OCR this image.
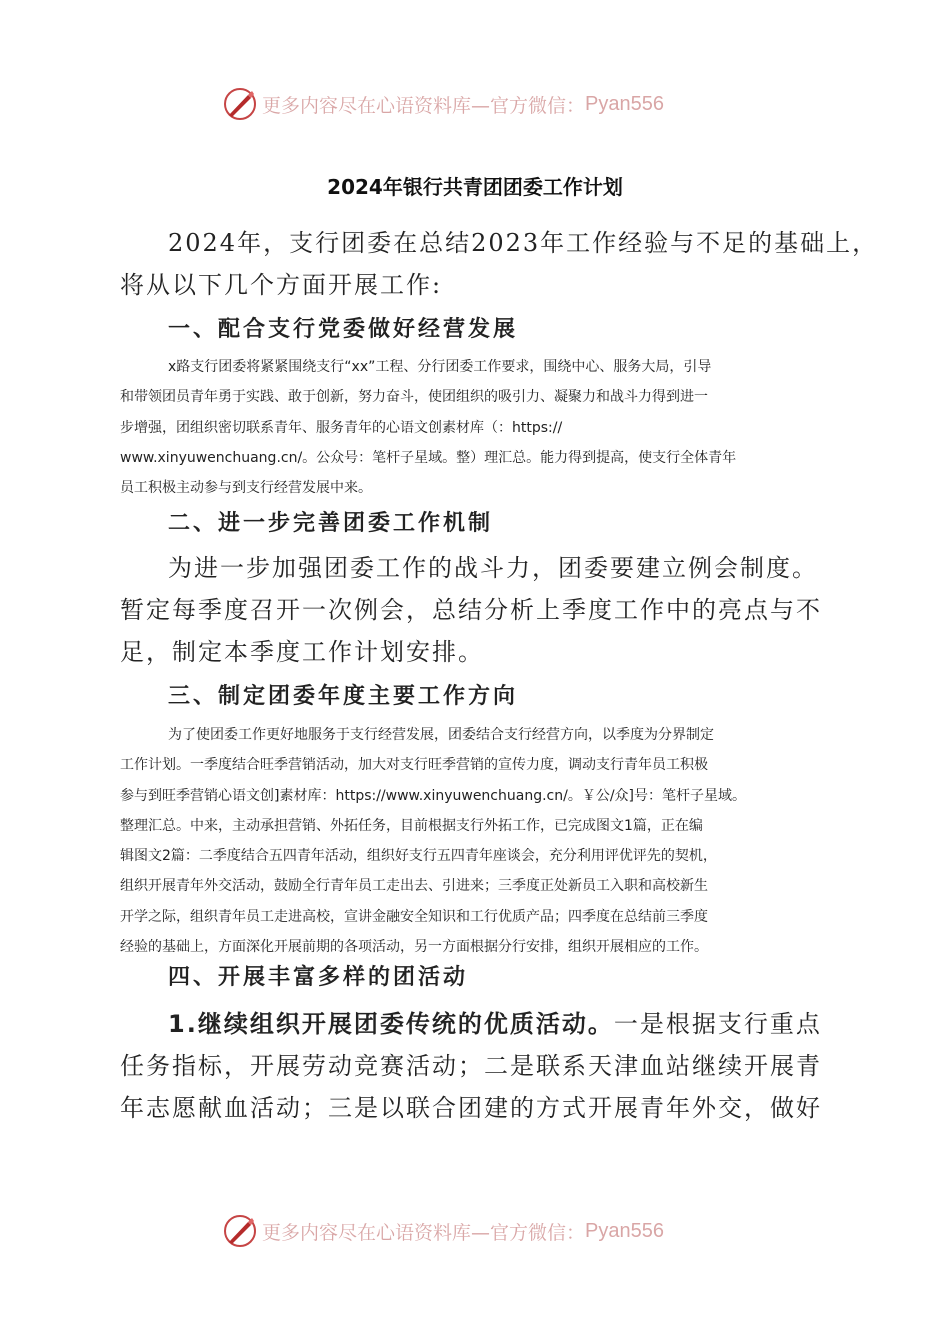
更多内容尽在心语资料库—官方微信： Pyan556
2024年银行共青团团委工作计划

2024年，支行团委在总结2023年工作经验与不足的基础上，
将从以下几个方面开展工作:

一、配合支行党委做好经营发展

x路支行团委将紧紧围绕支行“xx”工程、分行团委工作要求，围绕中心、服务大局，引导
和带领团员青年勇于实践、敢于创新，努力奋斗，使团组织的吸引力、凝聚力和战斗力得到进一
步增强，团组织密切联系青年、服务青年的心语文创素材库（：https://
www.xinyuwenchuang.cn/。公众号：笔杆子星域。整）理汇总。能力得到提高，使支行全体青年
员工积极主动参与到支行经营发展中来。

二、进一步完善团委工作机制

为进一步加强团委工作的战斗力，团委要建立例会制度。
暂定每季度召开一次例会，总结分析上季度工作中的亮点与不
足，制定本季度工作计划安排。

三、制定团委年度主要工作方向

为了使团委工作更好地服务于支行经营发展，团委结合支行经营方向，以季度为分界制定
工作计划。一季度结合旺季营销活动，加大对支行旺季营销的宣传力度，调动支行青年员工积极
参与到旺季营销心语文创]素材库：https://www.xinyuwenchuang.cn/。￥公/众]号：笔杆子星域。
整理汇总。中来，主动承担营销、外拓任务，目前根据支行外拓工作，已完成图文1篇，正在编
辑图文2篇：二季度结合五四青年活动，组织好支行五四青年座谈会，充分利用评优评先的契机，
组织开展青年外交活动，鼓励全行青年员工走出去、引进来；三季度正处新员工入职和高校新生
开学之际，组织青年员工走进高校，宣讲金融安全知识和工行优质产品；四季度在总结前三季度
经验的基础上，方面深化开展前期的各项活动，另一方面根据分行安排，组织开展相应的工作。

四、开展丰富多样的团活动

1.继续组织开展团委传统的优质活动。一是根据支行重点
任务指标，开展劳动竞赛活动；二是联系天津血站继续开展青
年志愿献血活动；三是以联合团建的方式开展青年外交，做好

更多内容尽在心语资料库—官方微信： Pyan556
